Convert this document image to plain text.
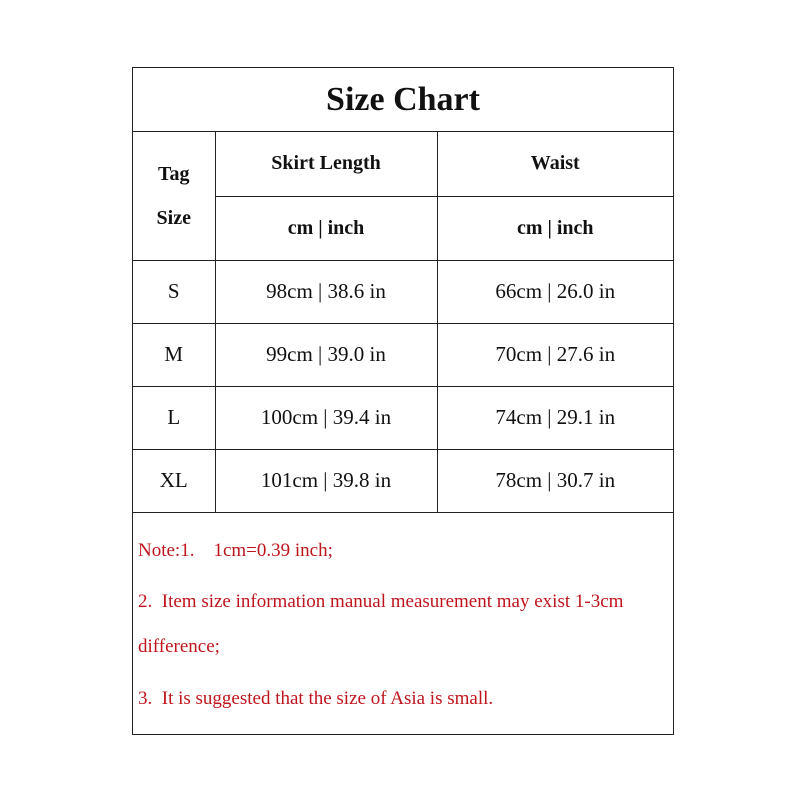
Size Chart
Tag
Size	Skirt Length	Waist
	cm | inch	cm | inch
S	98cm | 38.6 in	66cm | 26.0 in
M	99cm | 39.0 in	70cm | 27.6 in
L	100cm | 39.4 in	74cm | 29.1 in
XL	101cm | 39.8 in	78cm | 30.7 in
Note:1.    1cm=0.39 inch;
2.  Item size information manual measurement may exist 1-3cm
difference;
3.  It is suggested that the size of Asia is small.
